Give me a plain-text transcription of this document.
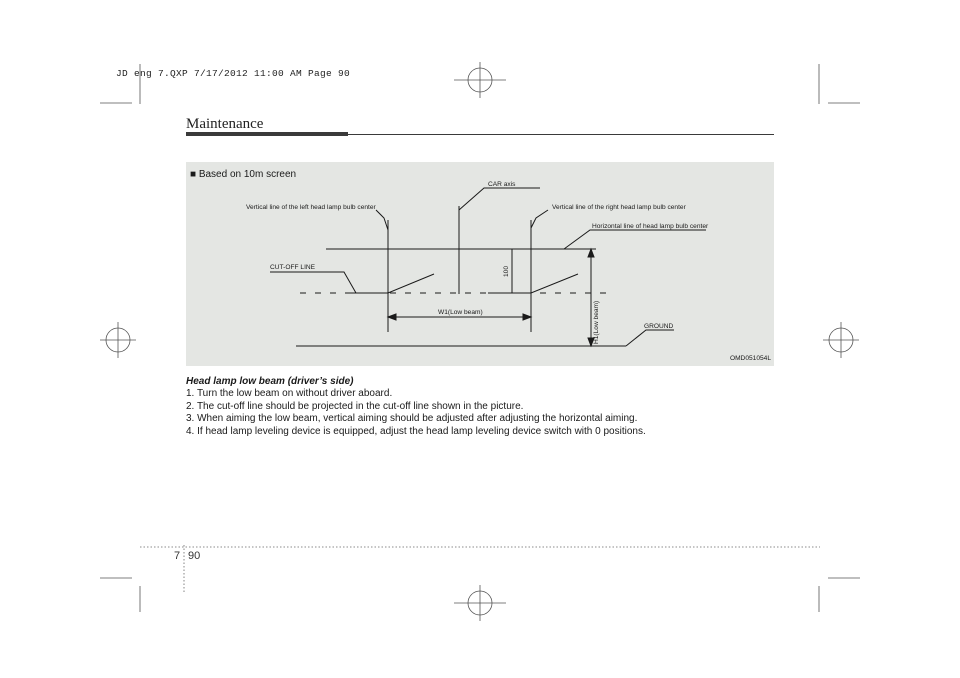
JD eng 7.QXP 7/17/2012 11:00 AM Page 90
Maintenance
■ Based on 10m screen
Vertical line of the left head lamp bulb center
CAR axis
Vertical line of the right head lamp bulb center
Horizontal line of head lamp bulb center
CUT-OFF LINE
W1(Low beam)
GROUND
100
H1(Low beam)
OMD051054L
Head lamp low beam (driver’s side)
1. Turn the low beam on without driver aboard.
2. The cut-off line should be projected in the cut-off line shown in the picture.
3. When aiming the low beam, vertical aiming should be adjusted after adjusting the horizontal aiming.
4. If head lamp leveling device is equipped, adjust the head lamp leveling device switch with 0 positions.
7 90
